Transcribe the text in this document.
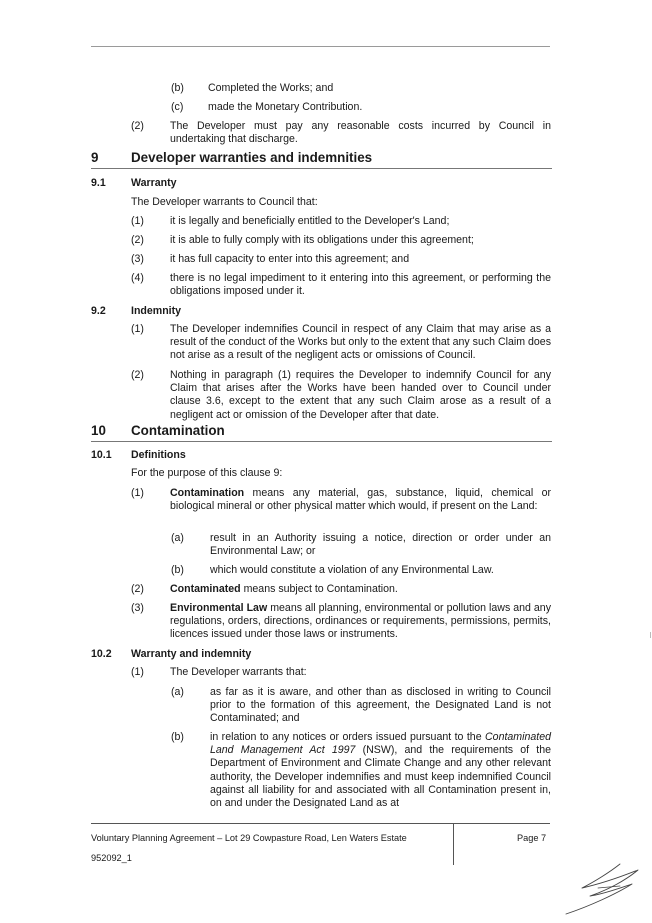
(b) Completed the Works; and
(c) made the Monetary Contribution.
(2) The Developer must pay any reasonable costs incurred by Council in undertaking that discharge.
9 Developer warranties and indemnities
9.1 Warranty
The Developer warrants to Council that:
(1) it is legally and beneficially entitled to the Developer's Land;
(2) it is able to fully comply with its obligations under this agreement;
(3) it has full capacity to enter into this agreement; and
(4) there is no legal impediment to it entering into this agreement, or performing the obligations imposed under it.
9.2 Indemnity
(1) The Developer indemnifies Council in respect of any Claim that may arise as a result of the conduct of the Works but only to the extent that any such Claim does not arise as a result of the negligent acts or omissions of Council.
(2) Nothing in paragraph (1) requires the Developer to indemnify Council for any Claim that arises after the Works have been handed over to Council under clause 3.6, except to the extent that any such Claim arose as a result of a negligent act or omission of the Developer after that date.
10 Contamination
10.1 Definitions
For the purpose of this clause 9:
(1) Contamination means any material, gas, substance, liquid, chemical or biological mineral or other physical matter which would, if present on the Land:
(a) result in an Authority issuing a notice, direction or order under an Environmental Law; or
(b) which would constitute a violation of any Environmental Law.
(2) Contaminated means subject to Contamination.
(3) Environmental Law means all planning, environmental or pollution laws and any regulations, orders, directions, ordinances or requirements, permissions, permits, licences issued under those laws or instruments.
10.2 Warranty and indemnity
(1) The Developer warrants that:
(a) as far as it is aware, and other than as disclosed in writing to Council prior to the formation of this agreement, the Designated Land is not Contaminated; and
(b) in relation to any notices or orders issued pursuant to the Contaminated Land Management Act 1997 (NSW), and the requirements of the Department of Environment and Climate Change and any other relevant authority, the Developer indemnifies and must keep indemnified Council against all liability for and associated with all Contamination present in, on and under the Designated Land as at
Voluntary Planning Agreement – Lot 29 Cowpasture Road, Len Waters Estate
952092_1
Page 7
